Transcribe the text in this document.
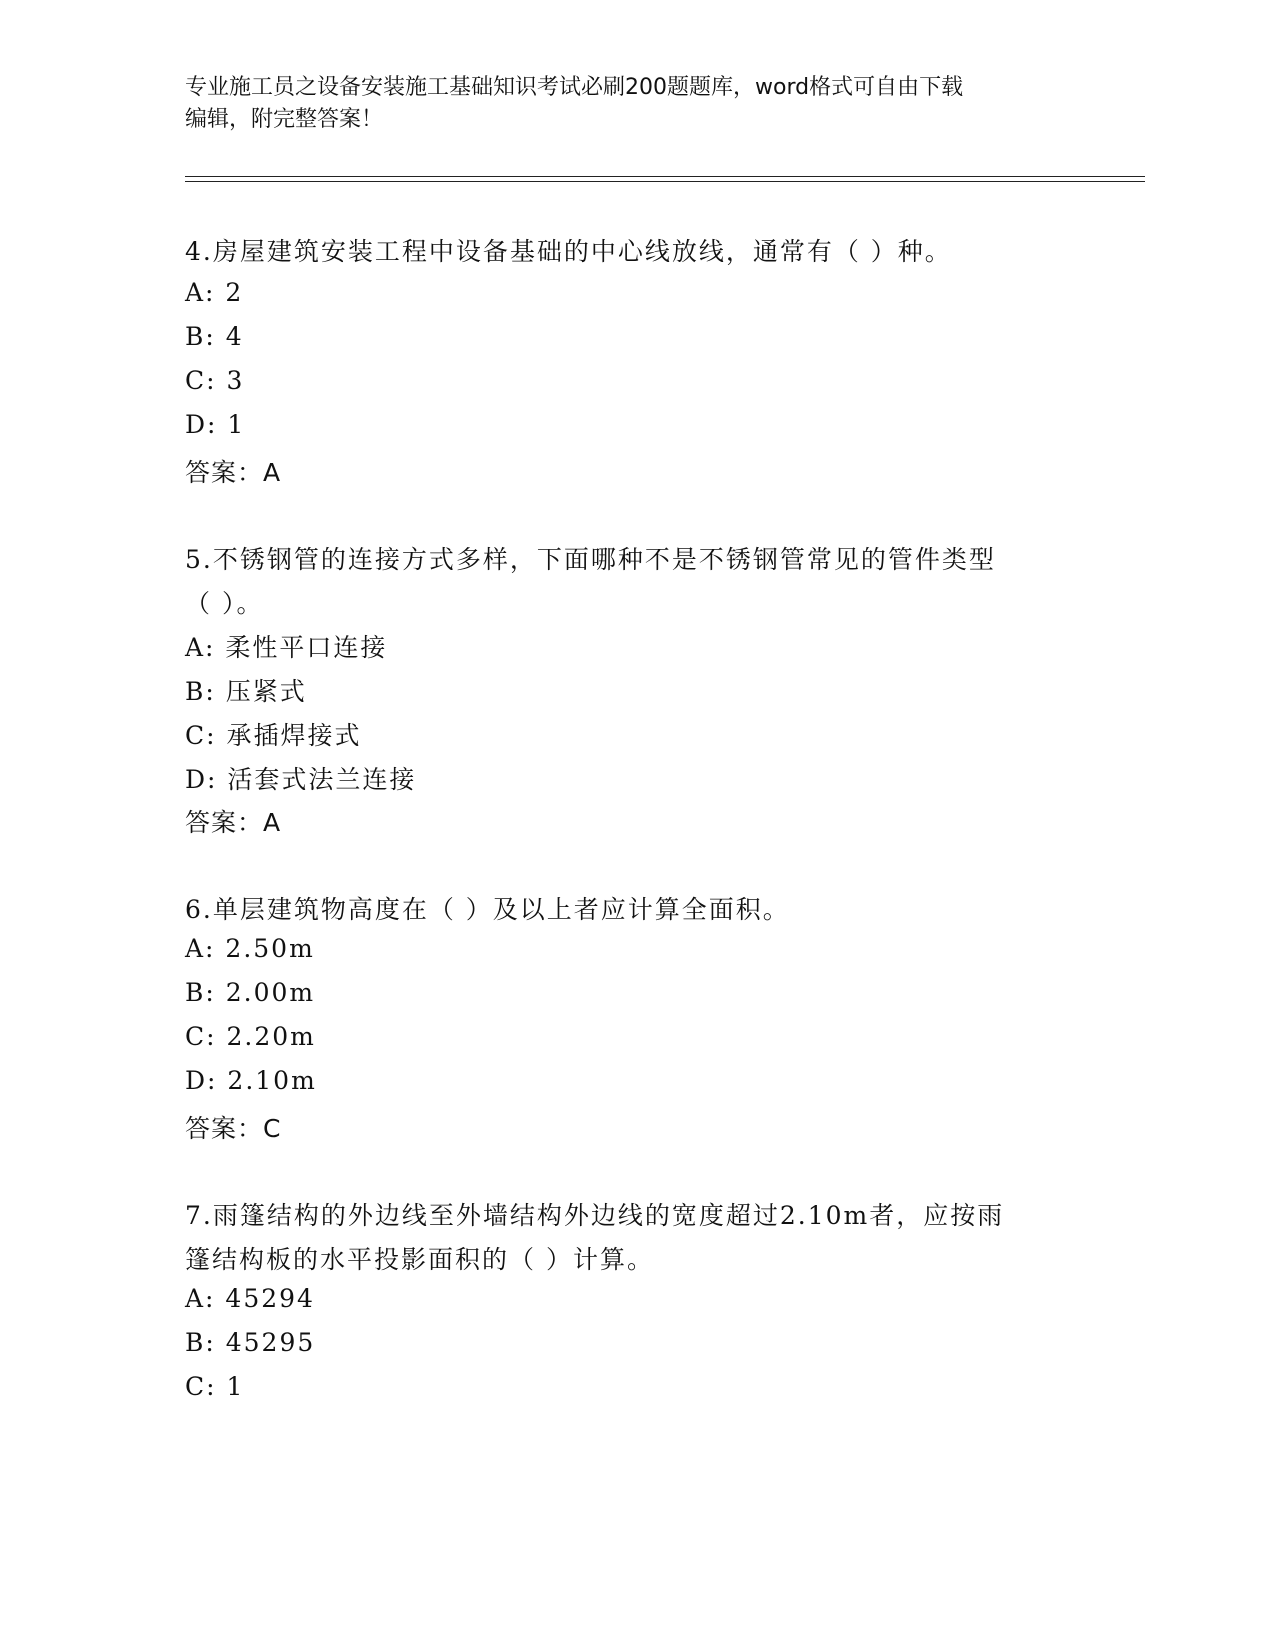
专业施工员之设备安装施工基础知识考试必刷200题题库，word格式可自由下载
编辑，附完整答案！
4.房屋建筑安装工程中设备基础的中心线放线，通常有（ ）种。
A: 2
B: 4
C: 3
D: 1
答案：A
5.不锈钢管的连接方式多样，下面哪种不是不锈钢管常见的管件类型
（ ）。
A: 柔性平口连接
B: 压紧式
C: 承插焊接式
D: 活套式法兰连接
答案：A
6.单层建筑物高度在（ ）及以上者应计算全面积。
A: 2.50m
B: 2.00m
C: 2.20m
D: 2.10m
答案：C
7.雨篷结构的外边线至外墙结构外边线的宽度超过2.10m者，应按雨
篷结构板的水平投影面积的（ ）计算。
A: 45294
B: 45295
C: 1
